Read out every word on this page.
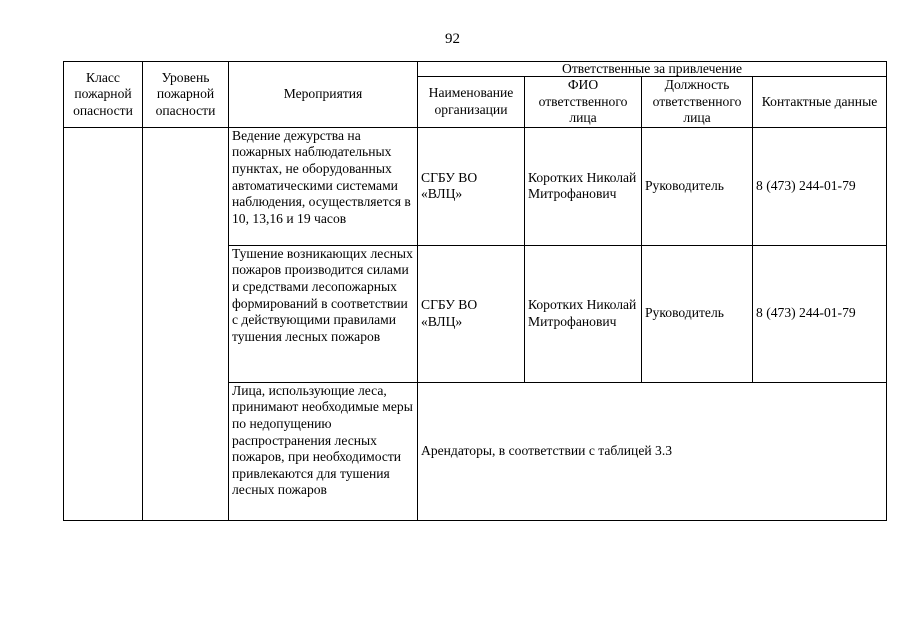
92
Класс пожарной опасности	Уровень пожарной опасности	Мероприятия	Ответственные за привлечение			
			Наименование организации	ФИО ответственного лица	Должность ответственного лица	Контактные данные
		Ведение дежурства на пожарных наблюдательных пунктах, не оборудованных автоматическими системами наблюдения, осуществляется в 10, 13,16 и 19 часов	СГБУ ВО «ВЛЦ»	Коротких Николай Митрофанович	Руководитель	8 (473) 244-01-79
		Тушение возникающих лесных пожаров производится силами и средствами лесопожарных формирований в соответствии с действующими правилами тушения лесных пожаров	СГБУ ВО «ВЛЦ»	Коротких Николай Митрофанович	Руководитель	8 (473) 244-01-79
		Лица, использующие леса, принимают необходимые меры по недопущению распространения лесных пожаров, при необходимости привлекаются для тушения лесных пожаров	Арендаторы, в соответствии с таблицей 3.3			
